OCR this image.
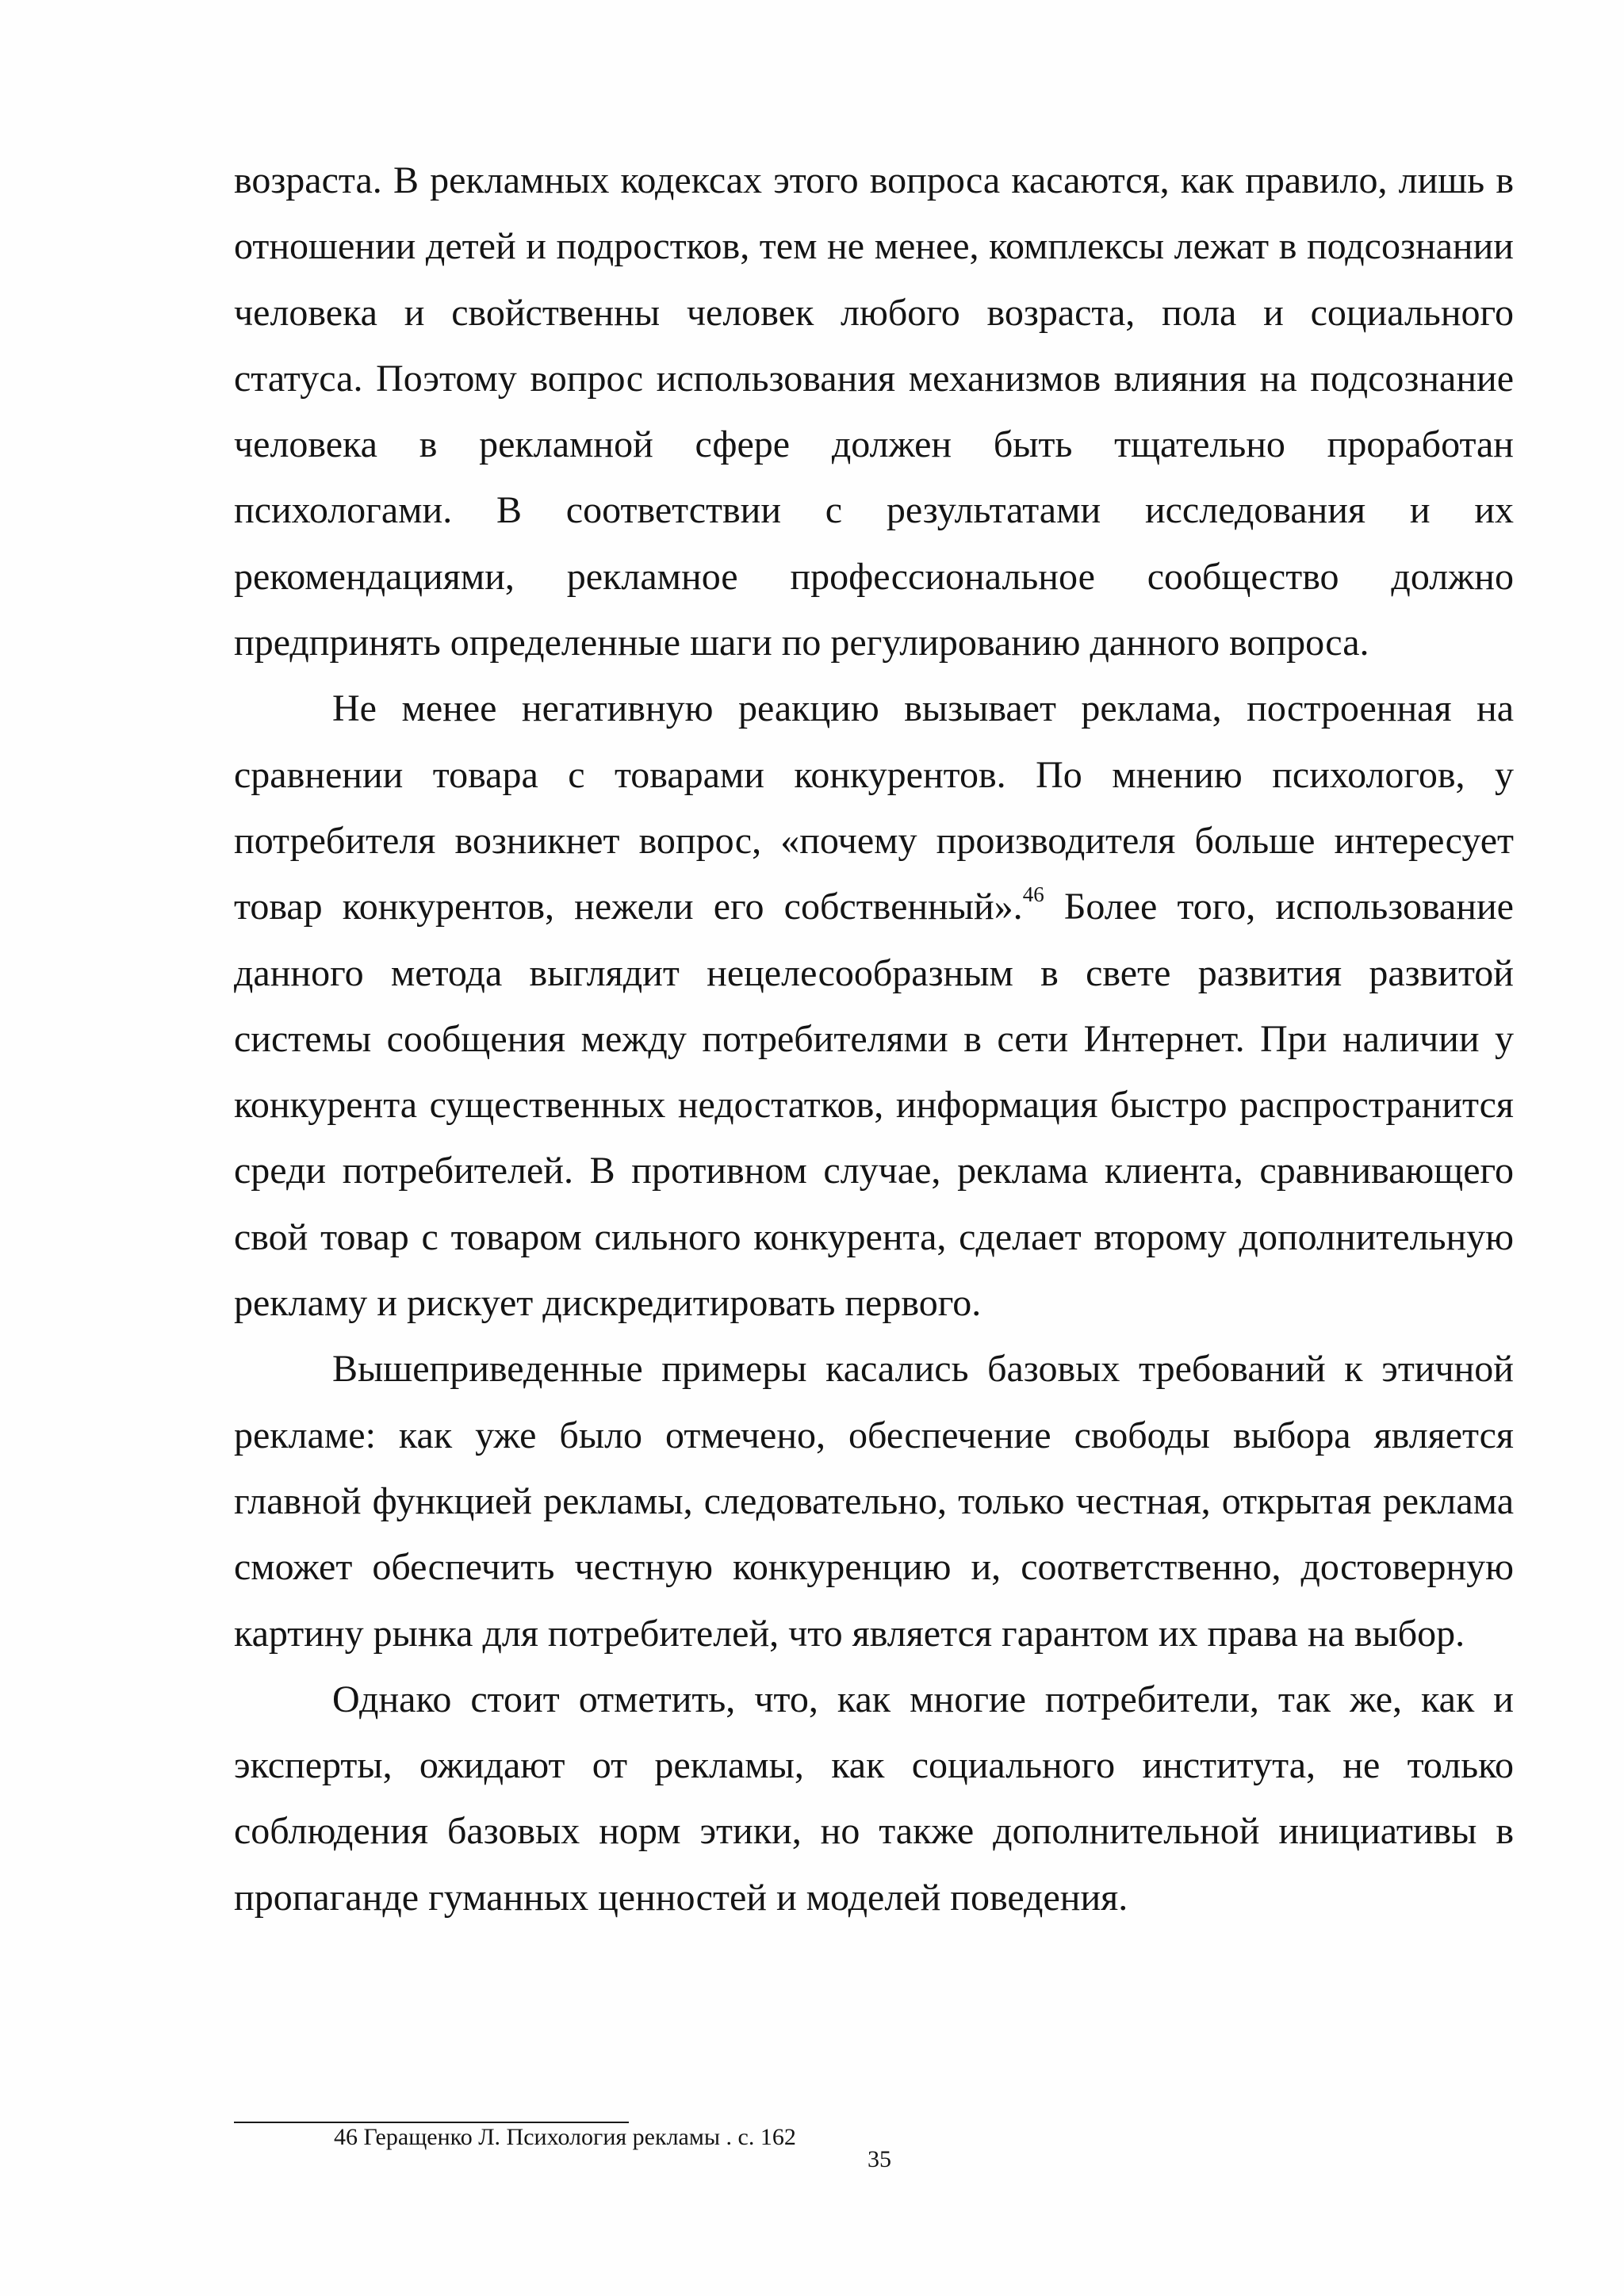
возраста. В рекламных кодексах этого вопроса касаются, как правило, лишь в отношении детей и подростков, тем не менее, комплексы лежат в подсознании человека и свойственны человек любого возраста, пола и социального статуса. Поэтому вопрос использования механизмов влияния на подсознание человека в рекламной сфере должен быть тщательно проработан психологами. В соответствии с результатами исследования и их рекомендациями, рекламное профессиональное сообщество должно предпринять определенные шаги по регулированию данного вопроса.

Не менее негативную реакцию вызывает реклама, построенная на сравнении товара с товарами конкурентов. По мнению психологов, у потребителя возникнет вопрос, «почему производителя больше интересует товар конкурентов, нежели его собственный».$^{46}$ Более того, использование данного метода выглядит нецелесообразным в свете развития развитой системы сообщения между потребителями в сети Интернет. При наличии у конкурента существенных недостатков, информация быстро распространится среди потребителей. В противном случае, реклама клиента, сравнивающего свой товар с товаром сильного конкурента, сделает второму дополнительную рекламу и рискует дискредитировать первого.

Вышеприведенные примеры касались базовых требований к этичной рекламе: как уже было отмечено, обеспечение свободы выбора является главной функцией рекламы, следовательно, только честная, открытая реклама сможет обеспечить честную конкуренцию и, соответственно, достоверную картину рынка для потребителей, что является гарантом их права на выбор.

Однако стоит отметить, что, как многие потребители, так же, как и эксперты, ожидают от рекламы, как социального института, не только соблюдения базовых норм этики, но также дополнительной инициативы в пропаганде гуманных ценностей и моделей поведения.

46 Геращенко Л. Психология рекламы . с. 162
35
